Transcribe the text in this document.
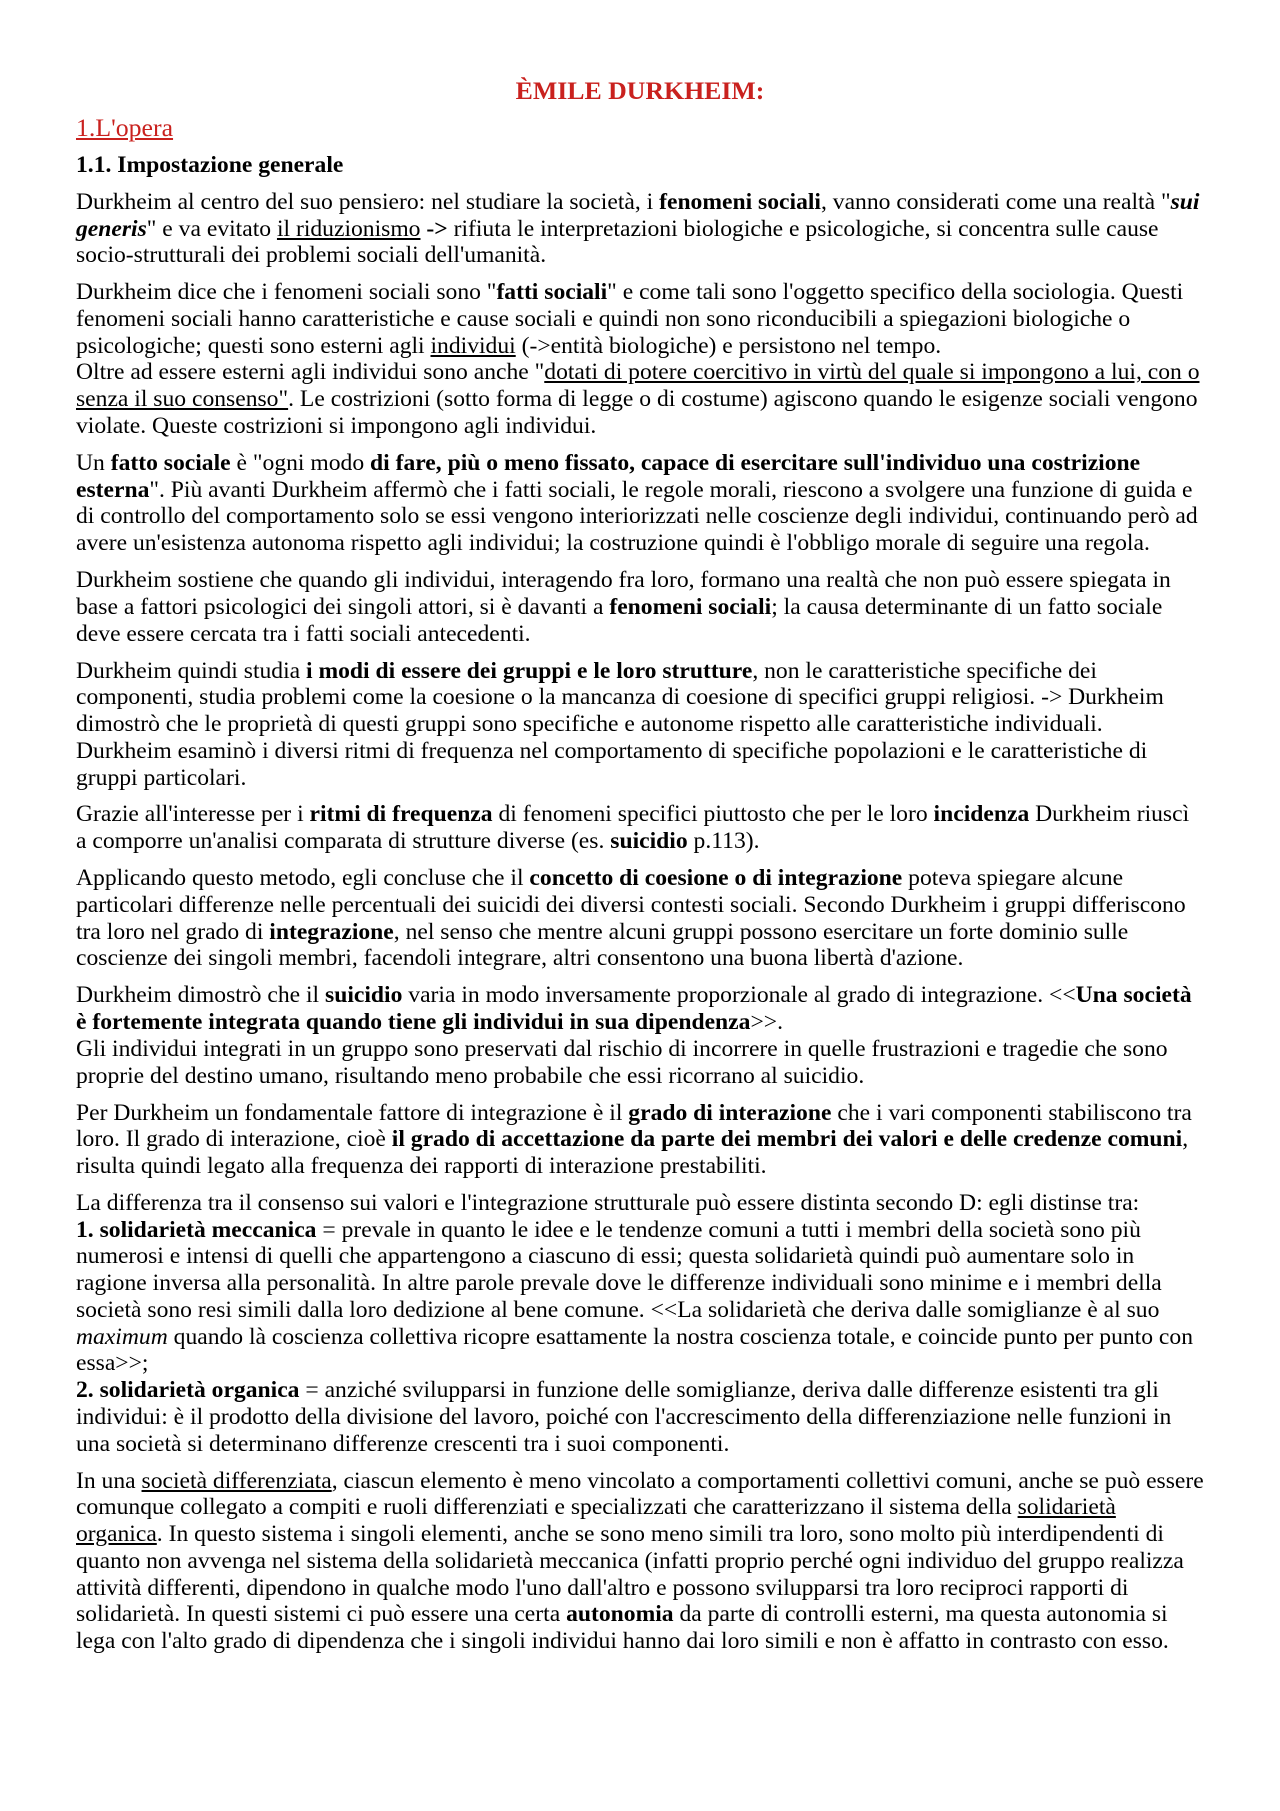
ÈMILE DURKHEIM:
1.L'opera
1.1. Impostazione generale

Durkheim al centro del suo pensiero: nel studiare la società, i fenomeni sociali, vanno considerati come una realtà "sui generis" e va evitato il riduzionismo -> rifiuta le interpretazioni biologiche e psicologiche, si concentra sulle cause socio-strutturali dei problemi sociali dell'umanità.

Durkheim dice che i fenomeni sociali sono "fatti sociali" e come tali sono l'oggetto specifico della sociologia. Questi fenomeni sociali hanno caratteristiche e cause sociali e quindi non sono riconducibili a spiegazioni biologiche o psicologiche; questi sono esterni agli individui (->entità biologiche) e persistono nel tempo.
Oltre ad essere esterni agli individui sono anche "dotati di potere coercitivo in virtù del quale si impongono a lui, con o senza il suo consenso". Le costrizioni (sotto forma di legge o di costume) agiscono quando le esigenze sociali vengono violate. Queste costrizioni si impongono agli individui.

Un fatto sociale è "ogni modo di fare, più o meno fissato, capace di esercitare sull'individuo una costrizione esterna". Più avanti Durkheim affermò che i fatti sociali, le regole morali, riescono a svolgere una funzione di guida e di controllo del comportamento solo se essi vengono interiorizzati nelle coscienze degli individui, continuando però ad avere un'esistenza autonoma rispetto agli individui; la costruzione quindi è l'obbligo morale di seguire una regola.

Durkheim sostiene che quando gli individui, interagendo fra loro, formano una realtà che non può essere spiegata in base a fattori psicologici dei singoli attori, si è davanti a fenomeni sociali; la causa determinante di un fatto sociale deve essere cercata tra i fatti sociali antecedenti.

Durkheim quindi studia i modi di essere dei gruppi e le loro strutture, non le caratteristiche specifiche dei componenti, studia problemi come la coesione o la mancanza di coesione di specifici gruppi religiosi. -> Durkheim dimostrò che le proprietà di questi gruppi sono specifiche e autonome rispetto alle caratteristiche individuali. Durkheim esaminò i diversi ritmi di frequenza nel comportamento di specifiche popolazioni e le caratteristiche di gruppi particolari.

Grazie all'interesse per i ritmi di frequenza di fenomeni specifici piuttosto che per le loro incidenza Durkheim riuscì a comporre un'analisi comparata di strutture diverse (es. suicidio p.113).

Applicando questo metodo, egli concluse che il concetto di coesione o di integrazione poteva spiegare alcune particolari differenze nelle percentuali dei suicidi dei diversi contesti sociali. Secondo Durkheim i gruppi differiscono tra loro nel grado di integrazione, nel senso che mentre alcuni gruppi possono esercitare un forte dominio sulle coscienze dei singoli membri, facendoli integrare, altri consentono una buona libertà d'azione.

Durkheim dimostrò che il suicidio varia in modo inversamente proporzionale al grado di integrazione. <<Una società è fortemente integrata quando tiene gli individui in sua dipendenza>>.
Gli individui integrati in un gruppo sono preservati dal rischio di incorrere in quelle frustrazioni e tragedie che sono proprie del destino umano, risultando meno probabile che essi ricorrano al suicidio.

Per Durkheim un fondamentale fattore di integrazione è il grado di interazione che i vari componenti stabiliscono tra loro. Il grado di interazione, cioè il grado di accettazione da parte dei membri dei valori e delle credenze comuni, risulta quindi legato alla frequenza dei rapporti di interazione prestabiliti.

La differenza tra il consenso sui valori e l'integrazione strutturale può essere distinta secondo D: egli distinse tra:
1. solidarietà meccanica = prevale in quanto le idee e le tendenze comuni a tutti i membri della società sono più numerosi e intensi di quelli che appartengono a ciascuno di essi; questa solidarietà quindi può aumentare solo in ragione inversa alla personalità. In altre parole prevale dove le differenze individuali sono minime e i membri della società sono resi simili dalla loro dedizione al bene comune. <<La solidarietà che deriva dalle somiglianze è al suo maximum quando là coscienza collettiva ricopre esattamente la nostra coscienza totale, e coincide punto per punto con essa>>;
2. solidarietà organica = anziché svilupparsi in funzione delle somiglianze, deriva dalle differenze esistenti tra gli individui: è il prodotto della divisione del lavoro, poiché con l'accrescimento della differenziazione nelle funzioni in una società si determinano differenze crescenti tra i suoi componenti.

In una società differenziata, ciascun elemento è meno vincolato a comportamenti collettivi comuni, anche se può essere comunque collegato a compiti e ruoli differenziati e specializzati che caratterizzano il sistema della solidarietà organica. In questo sistema i singoli elementi, anche se sono meno simili tra loro, sono molto più interdipendenti di quanto non avvenga nel sistema della solidarietà meccanica (infatti proprio perché ogni individuo del gruppo realizza attività differenti, dipendono in qualche modo l'uno dall'altro e possono svilupparsi tra loro reciproci rapporti di solidarietà. In questi sistemi ci può essere una certa autonomia da parte di controlli esterni, ma questa autonomia si lega con l'alto grado di dipendenza che i singoli individui hanno dai loro simili e non è affatto in contrasto con esso.
